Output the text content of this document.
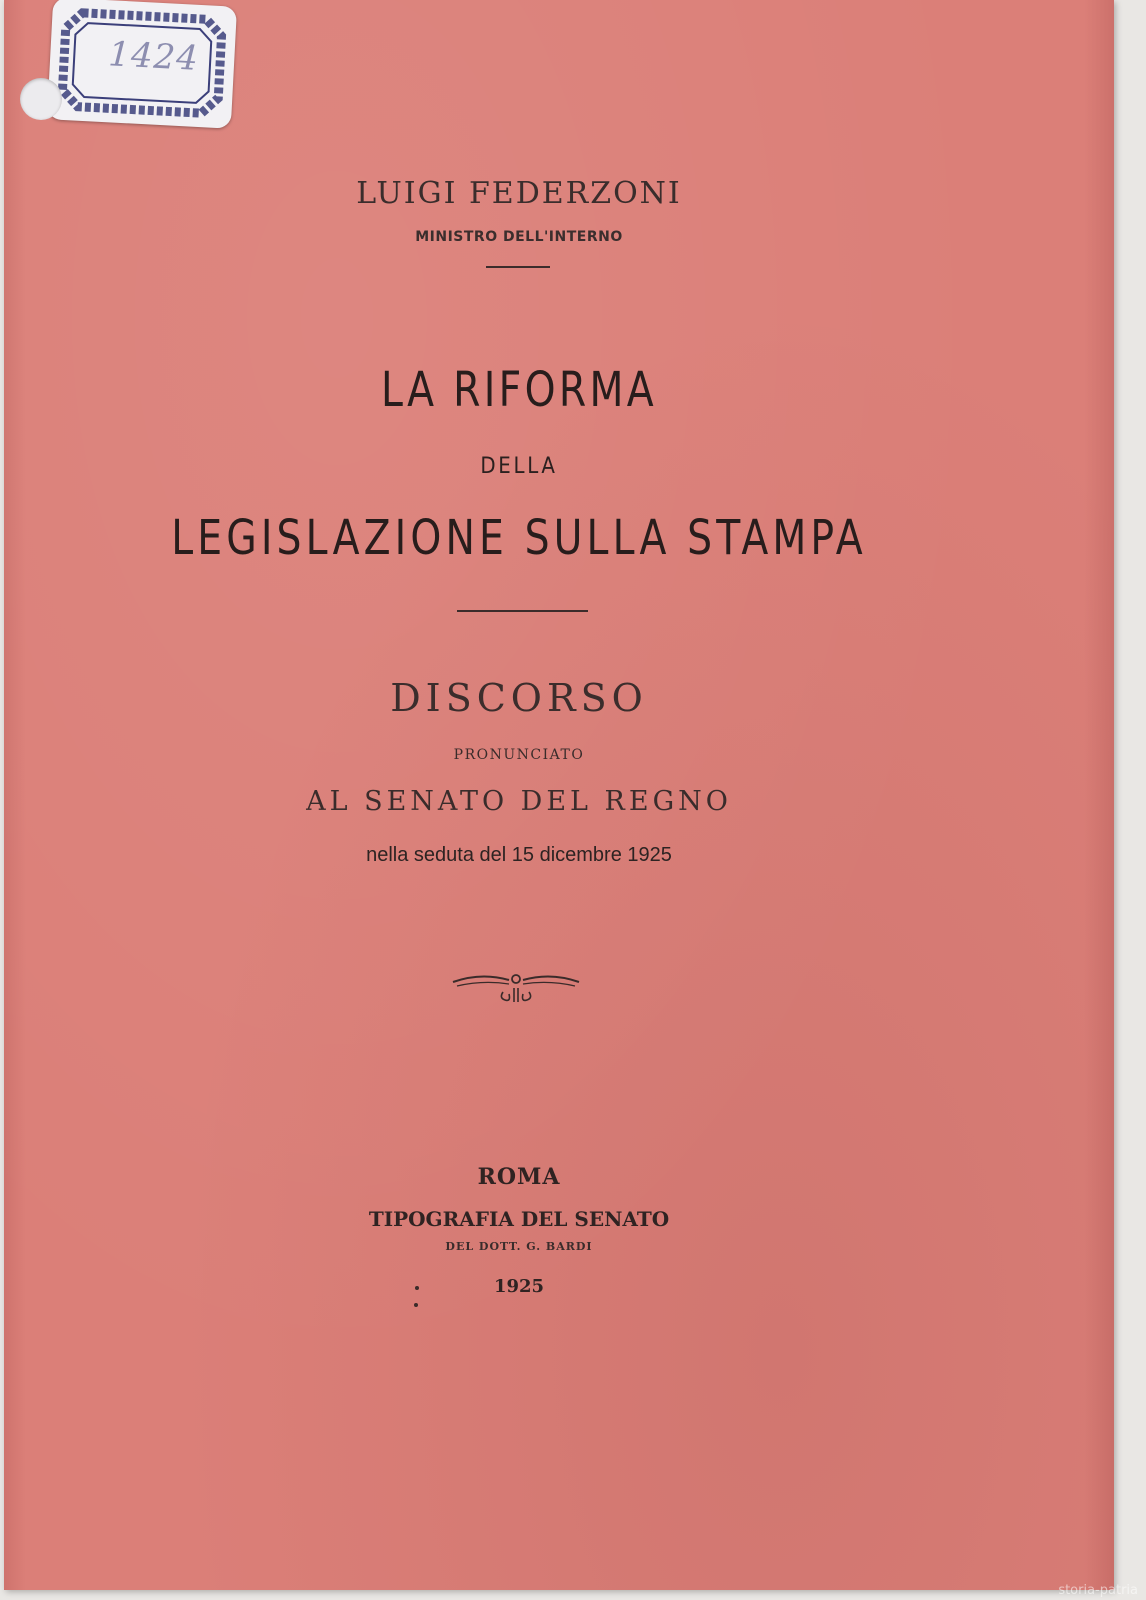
1424

LUIGI FEDERZONI

MINISTRO DELL'INTERNO

LA RIFORMA

DELLA

LEGISLAZIONE SULLA STAMPA

DISCORSO

PRONUNCIATO

AL SENATO DEL REGNO

nella seduta del 15 dicembre 1925

ROMA

TIPOGRAFIA DEL SENATO

DEL DOTT. G. BARDI

1925

storia-patria
